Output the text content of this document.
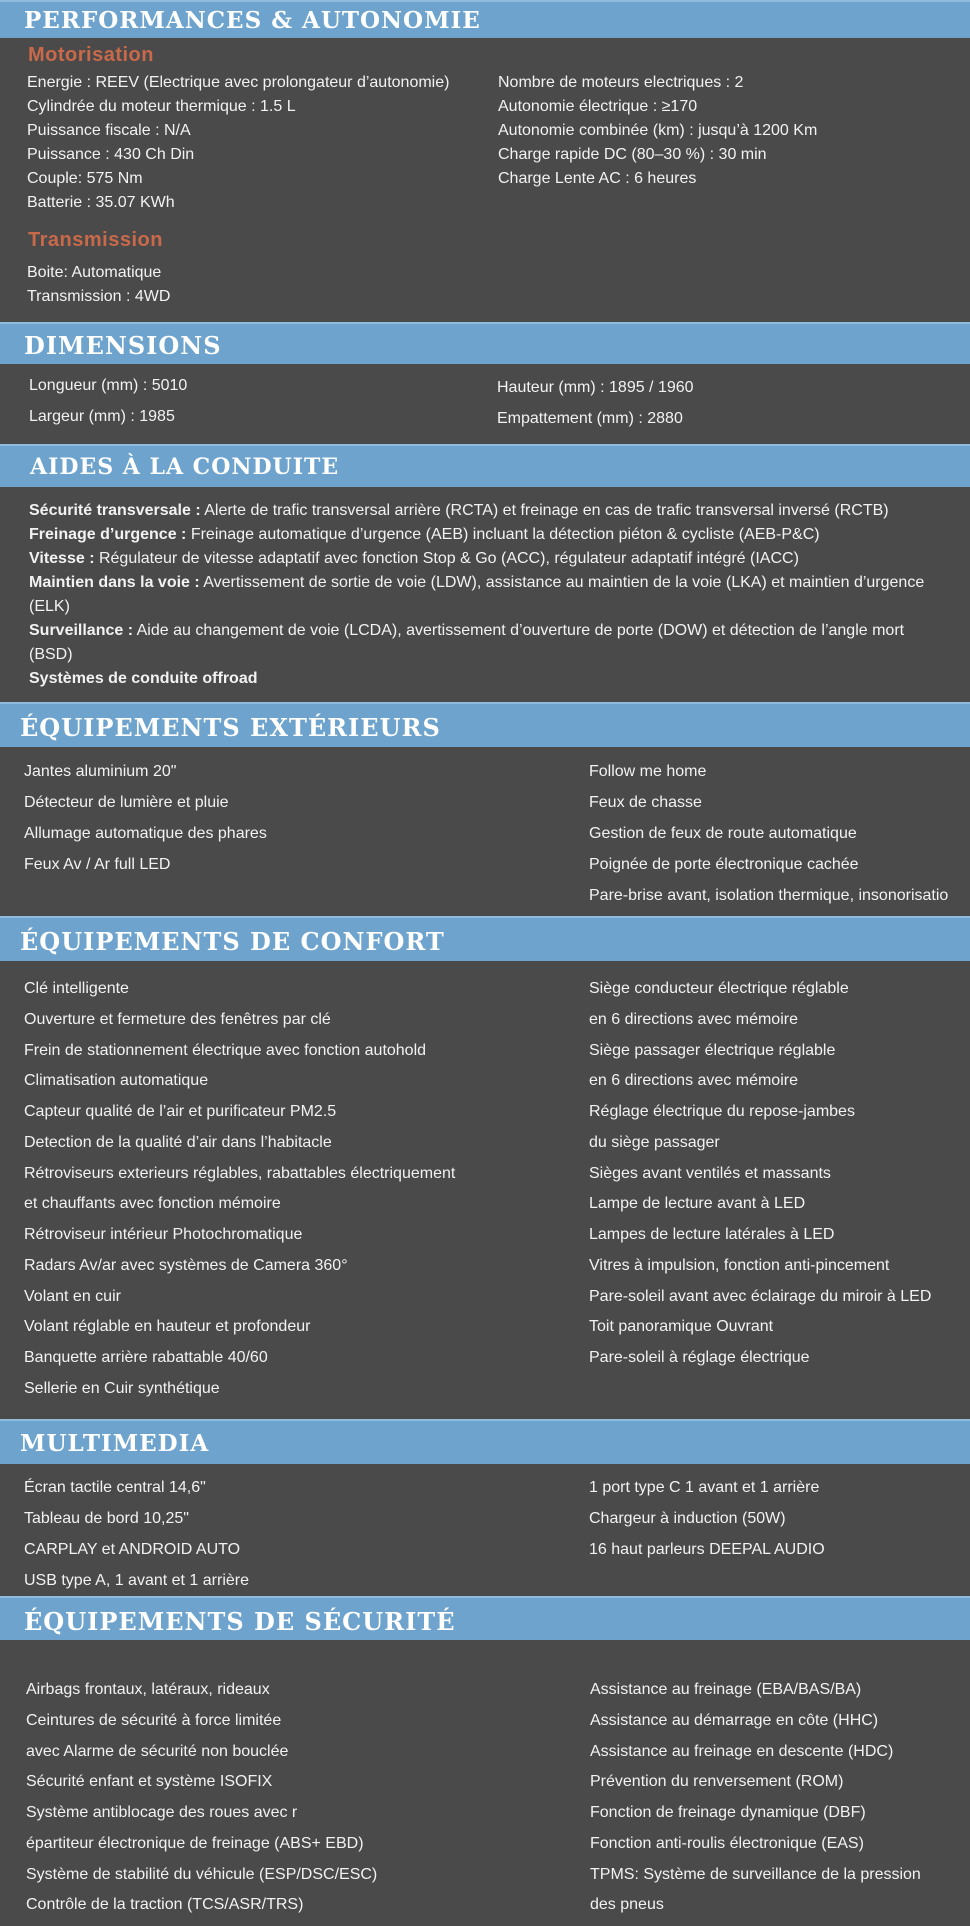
PERFORMANCES & AUTONOMIE
Motorisation
Energie : REEV (Electrique avec prolongateur d’autonomie)
Cylindrée du moteur thermique : 1.5 L
Puissance fiscale : N/A
Puissance : 430 Ch Din
Couple: 575 Nm
Batterie : 35.07 KWh
Nombre de moteurs electriques : 2
Autonomie électrique : ≥170
Autonomie combinée (km) : jusqu’à 1200 Km
Charge rapide DC (80–30 %) : 30 min
Charge Lente AC : 6 heures
Transmission
Boite: Automatique
Transmission : 4WD
DIMENSIONS
Longueur (mm) : 5010
Largeur (mm) : 1985
Hauteur (mm) : 1895 / 1960
Empattement (mm) : 2880
AIDES À LA CONDUITE
Sécurité transversale : Alerte de trafic transversal arrière (RCTA) et freinage en cas de trafic transversal inversé (RCTB)
Freinage d’urgence : Freinage automatique d’urgence (AEB) incluant la détection piéton & cycliste (AEB-P&C)
Vitesse : Régulateur de vitesse adaptatif avec fonction Stop & Go (ACC), régulateur adaptatif intégré (IACC)
Maintien dans la voie : Avertissement de sortie de voie (LDW), assistance au maintien de la voie (LKA) et maintien d’urgence (ELK)
Surveillance : Aide au changement de voie (LCDA), avertissement d’ouverture de porte (DOW) et détection de l’angle mort (BSD)
Systèmes de conduite offroad
ÉQUIPEMENTS EXTÉRIEURS
Jantes aluminium 20"
Détecteur de lumière et pluie
Allumage automatique des phares
Feux Av / Ar full LED
Follow me home
Feux de chasse
Gestion de feux de route automatique
Poignée de porte électronique cachée
Pare-brise avant, isolation thermique, insonorisatio
ÉQUIPEMENTS DE CONFORT
Clé intelligente
Ouverture et fermeture des fenêtres par clé
Frein de stationnement électrique avec fonction autohold
Climatisation automatique
Capteur qualité de l’air et purificateur PM2.5
Detection de la qualité d’air dans l’habitacle
Rétroviseurs exterieurs réglables, rabattables électriquement
et chauffants avec fonction mémoire
Rétroviseur intérieur Photochromatique
Radars Av/ar avec systèmes de Camera 360°
Volant en cuir
Volant réglable en hauteur et profondeur
Banquette arrière rabattable 40/60
Sellerie en Cuir synthétique
Siège conducteur électrique réglable
en 6 directions avec mémoire
Siège passager électrique réglable
en 6 directions avec mémoire
Réglage électrique du repose-jambes
du siège passager
Sièges avant ventilés et massants
Lampe de lecture avant à LED
Lampes de lecture latérales à LED
Vitres à impulsion, fonction anti-pincement
Pare-soleil avant avec éclairage du miroir à LED
Toit panoramique Ouvrant
Pare-soleil à réglage électrique
MULTIMEDIA
Écran tactile central 14,6"
Tableau de bord 10,25"
CARPLAY et ANDROID AUTO
USB type A, 1 avant et 1 arrière
1 port type C 1 avant et 1 arrière
Chargeur à induction (50W)
16 haut parleurs DEEPAL AUDIO
ÉQUIPEMENTS DE SÉCURITÉ
Airbags frontaux, latéraux, rideaux
Ceintures de sécurité à force limitée
avec Alarme de sécurité non bouclée
Sécurité enfant et système ISOFIX
Système antiblocage des roues avec r
épartiteur électronique de freinage (ABS+ EBD)
Système de stabilité du véhicule (ESP/DSC/ESC)
Contrôle de la traction (TCS/ASR/TRS)
Assistance au freinage (EBA/BAS/BA)
Assistance au démarrage en côte (HHC)
Assistance au freinage en descente (HDC)
Prévention du renversement (ROM)
Fonction de freinage dynamique (DBF)
Fonction anti-roulis électronique (EAS)
TPMS: Système de surveillance de la pression
des pneus
